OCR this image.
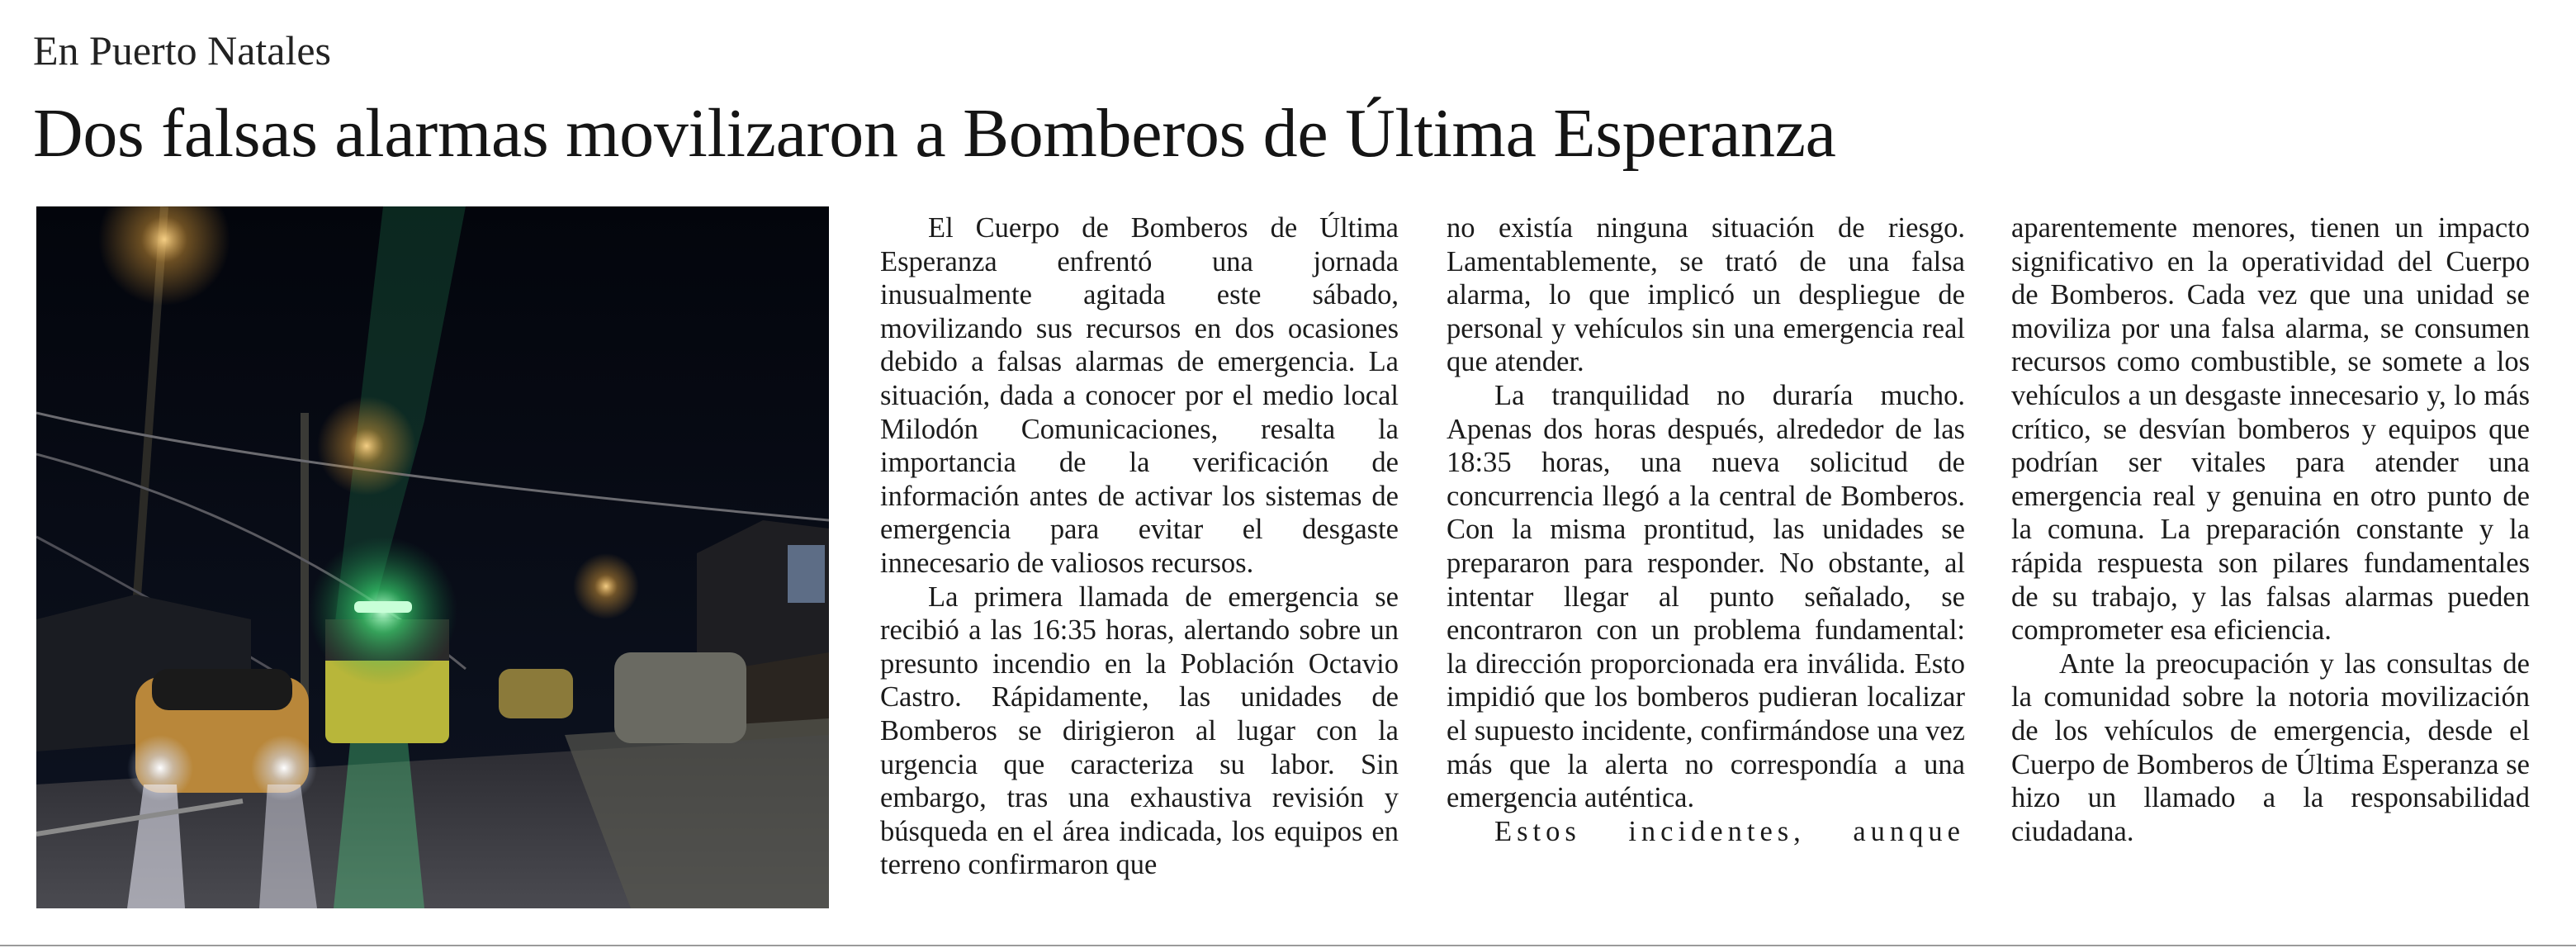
En Puerto Natales
Dos falsas alarmas movilizaron a Bomberos de Última Esperanza

El Cuerpo de Bomberos de Última Esperanza enfrentó una jornada inusualmente agitada este sábado, movilizando sus recursos en dos ocasiones debido a falsas alarmas de emergencia. La situación, dada a conocer por el medio local Milodón Comunicaciones, resalta la importancia de la verificación de información antes de activar los sistemas de emergencia para evitar el desgaste innecesario de valiosos recursos.

La primera llamada de emergencia se recibió a las 16:35 horas, alertando sobre un presunto incendio en la Población Octavio Castro. Rápidamente, las unidades de Bomberos se dirigieron al lugar con la urgencia que caracteriza su labor. Sin embargo, tras una exhaustiva revisión y búsqueda en el área indicada, los equipos en terreno confirmaron que

no existía ninguna situación de riesgo. Lamentablemente, se trató de una falsa alarma, lo que implicó un despliegue de personal y vehículos sin una emergencia real que atender.

La tranquilidad no duraría mucho. Apenas dos horas después, alrededor de las 18:35 horas, una nueva solicitud de concurrencia llegó a la central de Bomberos. Con la misma prontitud, las unidades se prepararon para responder. No obstante, al intentar llegar al punto señalado, se encontraron con un problema fundamental: la dirección proporcionada era inválida. Esto impidió que los bomberos pudieran localizar el supuesto incidente, confirmándose una vez más que la alerta no correspondía a una emergencia auténtica.

Estos incidentes, aunque

aparentemente menores, tienen un impacto significativo en la operatividad del Cuerpo de Bomberos. Cada vez que una unidad se moviliza por una falsa alarma, se consumen recursos como combustible, se somete a los vehículos a un desgaste innecesario y, lo más crítico, se desvían bomberos y equipos que podrían ser vitales para atender una emergencia real y genuina en otro punto de la comuna. La preparación constante y la rápida respuesta son pilares fundamentales de su trabajo, y las falsas alarmas pueden comprometer esa eficiencia.

Ante la preocupación y las consultas de la comunidad sobre la notoria movilización de los vehículos de emergencia, desde el Cuerpo de Bomberos de Última Esperanza se hizo un llamado a la responsabilidad ciudadana.
